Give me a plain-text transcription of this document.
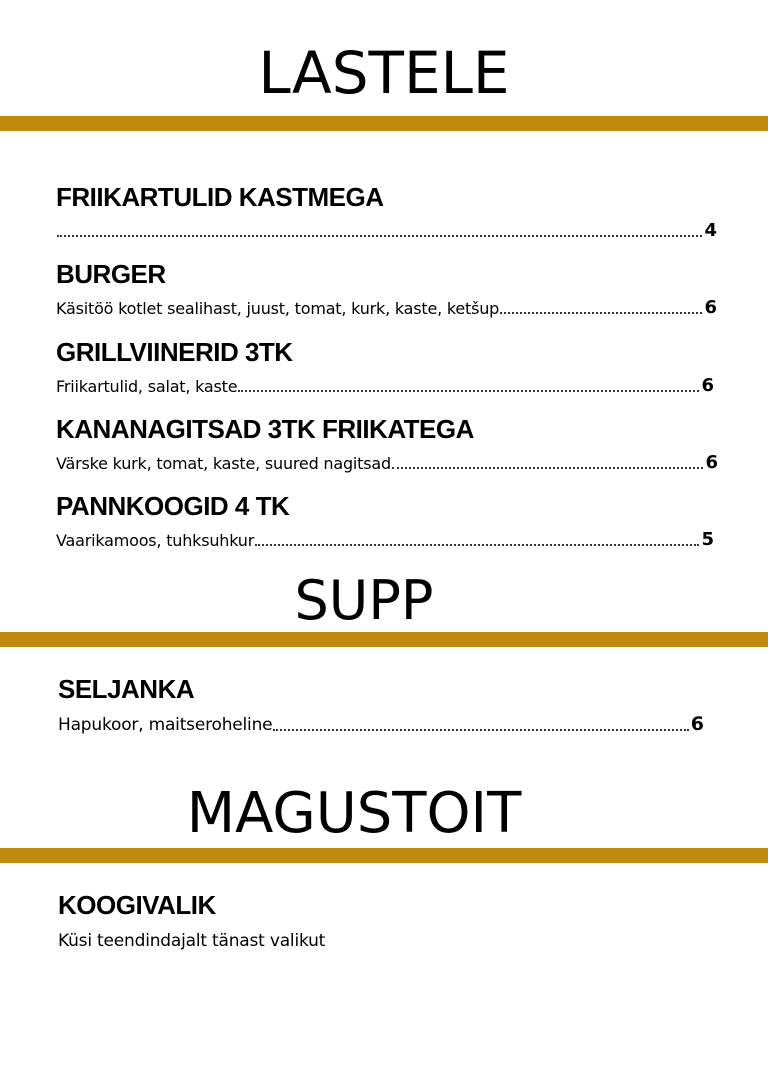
LASTELE
FRIIKARTULID KASTMEGA
4
BURGER
Käsitöö kotlet sealihast, juust, tomat, kurk, kaste, ketšup	6
GRILLVIINERID 3TK
Friikartulid, salat, kaste	6
KANANAGITSAD 3TK FRIIKATEGA
Värske kurk, tomat, kaste, suured nagitsad	6
PANNKOOGID 4 TK
Vaarikamoos, tuhksuhkur	5
SUPP
SELJANKA
Hapukoor, maitseroheline	6
MAGUSTOIT
KOOGIVALIK
Küsi teendindajalt tänast valikut
